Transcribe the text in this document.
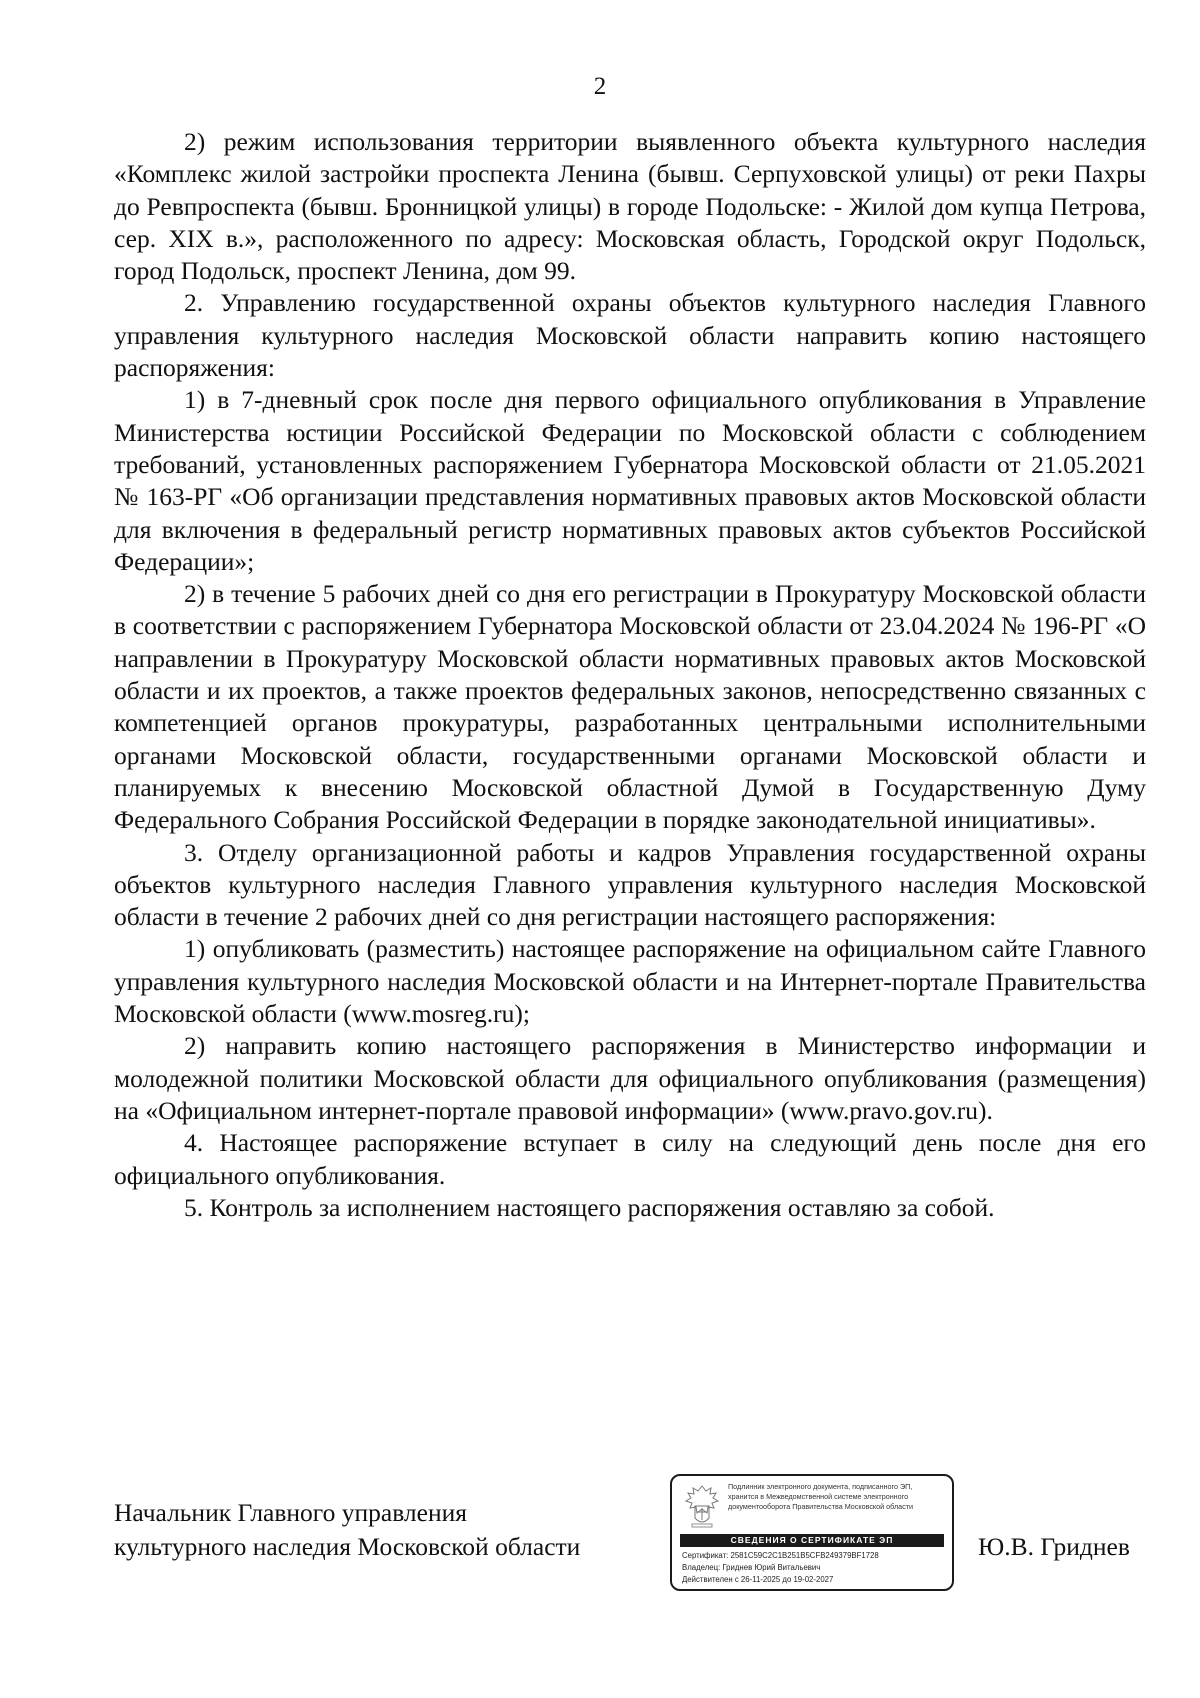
2

2) режим использования территории выявленного объекта культурного наследия «Комплекс жилой застройки проспекта Ленина (бывш. Серпуховской улицы) от реки Пахры до Ревпроспекта (бывш. Бронницкой улицы) в городе Подольске: - Жилой дом купца Петрова, сер. XIX в.», расположенного по адресу: Московская область, Городской округ Подольск, город Подольск, проспект Ленина, дом 99.

2. Управлению государственной охраны объектов культурного наследия Главного управления культурного наследия Московской области направить копию настоящего распоряжения:

1) в 7-дневный срок после дня первого официального опубликования в Управление Министерства юстиции Российской Федерации по Московской области с соблюдением требований, установленных распоряжением Губернатора Московской области от 21.05.2021 № 163-РГ «Об организации представления нормативных правовых актов Московской области для включения в федеральный регистр нормативных правовых актов субъектов Российской Федерации»;

2) в течение 5 рабочих дней со дня его регистрации в Прокуратуру Московской области в соответствии с распоряжением Губернатора Московской области от 23.04.2024 № 196-РГ «О направлении в Прокуратуру Московской области нормативных правовых актов Московской области и их проектов, а также проектов федеральных законов, непосредственно связанных с компетенцией органов прокуратуры, разработанных центральными исполнительными органами Московской области, государственными органами Московской области и планируемых к внесению Московской областной Думой в Государственную Думу Федерального Собрания Российской Федерации в порядке законодательной инициативы».

3. Отделу организационной работы и кадров Управления государственной охраны объектов культурного наследия Главного управления культурного наследия Московской области в течение 2 рабочих дней со дня регистрации настоящего распоряжения:

1) опубликовать (разместить) настоящее распоряжение на официальном сайте Главного управления культурного наследия Московской области и на Интернет-портале Правительства Московской области (www.mosreg.ru);

2) направить копию настоящего распоряжения в Министерство информации и молодежной политики Московской области для официального опубликования (размещения) на «Официальном интернет-портале правовой информации» (www.pravo.gov.ru).

4. Настоящее распоряжение вступает в силу на следующий день после дня его официального опубликования.

5. Контроль за исполнением настоящего распоряжения оставляю за собой.

Начальник Главного управления
культурного наследия Московской области
Подлинник электронного документа, подписанного ЭП,
хранится в Межведомственной системе электронного
документооборота Правительства Московской области
СВЕДЕНИЯ О СЕРТИФИКАТЕ ЭП
Сертификат: 2581C59C2C1B251B5CFB249379BF1728
Владелец: Гриднев Юрий Витальевич
Действителен с 26-11-2025 до 19-02-2027
Ю.В. Гриднев
